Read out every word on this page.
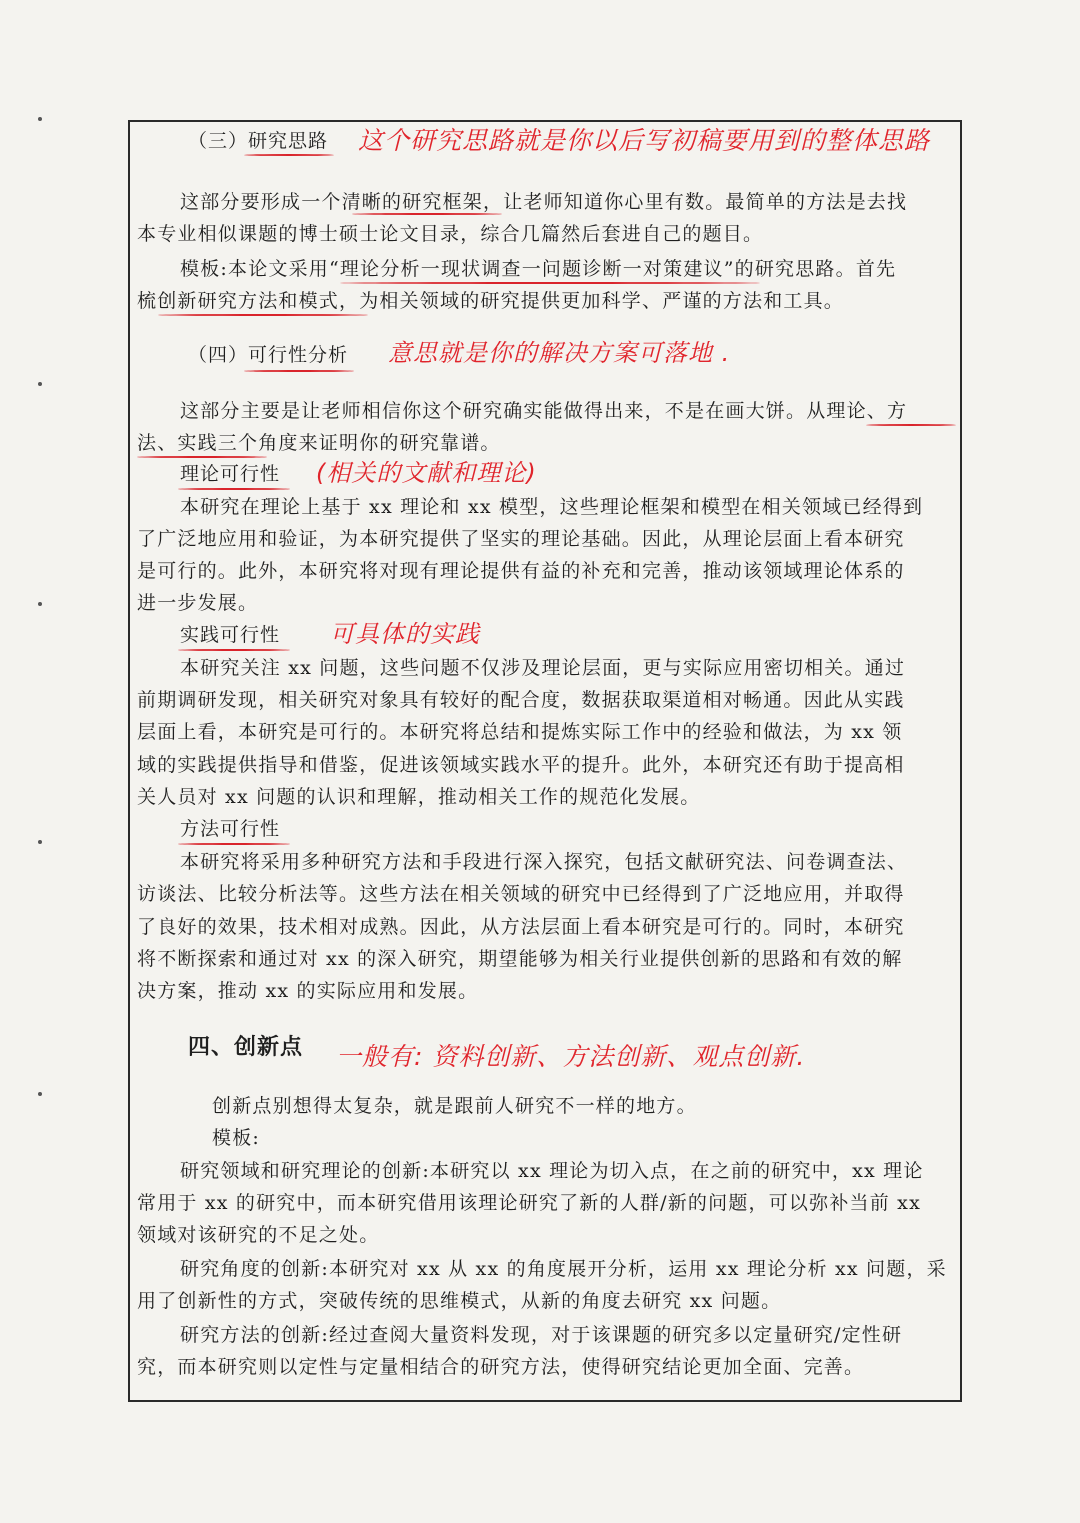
（三）研究思路 这个研究思路就是你以后写初稿要用到的整体思路
这部分要形成一个清晰的研究框架，让老师知道你心里有数。最简单的方法是去找
本专业相似课题的博士硕士论文目录，综合几篇然后套进自己的题目。
模板:本论文采用“理论分析一现状调查一问题诊断一对策建议”的研究思路。首先
梳创新研究方法和模式，为相关领域的研究提供更加科学、严谨的方法和工具。
（四）可行性分析 意思就是你的解决方案可落地 .
这部分主要是让老师相信你这个研究确实能做得出来，不是在画大饼。从理论、方
法、实践三个角度来证明你的研究靠谱。
理论可行性 (相关的文献和理论)
本研究在理论上基于 xx 理论和 xx 模型，这些理论框架和模型在相关领域已经得到
了广泛地应用和验证，为本研究提供了坚实的理论基础。因此，从理论层面上看本研究
是可行的。此外，本研究将对现有理论提供有益的补充和完善，推动该领域理论体系的
进一步发展。
实践可行性 可具体的实践
本研究关注 xx 问题，这些问题不仅涉及理论层面，更与实际应用密切相关。通过
前期调研发现，相关研究对象具有较好的配合度，数据获取渠道相对畅通。因此从实践
层面上看，本研究是可行的。本研究将总结和提炼实际工作中的经验和做法，为 xx 领
域的实践提供指导和借鉴，促进该领域实践水平的提升。此外，本研究还有助于提高相
关人员对 xx 问题的认识和理解，推动相关工作的规范化发展。
方法可行性
本研究将采用多种研究方法和手段进行深入探究，包括文献研究法、问卷调查法、
访谈法、比较分析法等。这些方法在相关领域的研究中已经得到了广泛地应用，并取得
了良好的效果，技术相对成熟。因此，从方法层面上看本研究是可行的。同时，本研究
将不断探索和通过对 xx 的深入研究，期望能够为相关行业提供创新的思路和有效的解
决方案，推动 xx 的实际应用和发展。
四、创新点 一般有: 资料创新、方法创新、观点创新.
创新点别想得太复杂，就是跟前人研究不一样的地方。
模板:
研究领域和研究理论的创新:本研究以 xx 理论为切入点，在之前的研究中，xx 理论
常用于 xx 的研究中，而本研究借用该理论研究了新的人群/新的问题，可以弥补当前 xx
领域对该研究的不足之处。
研究角度的创新:本研究对 xx 从 xx 的角度展开分析，运用 xx 理论分析 xx 问题，采
用了创新性的方式，突破传统的思维模式，从新的角度去研究 xx 问题。
研究方法的创新:经过查阅大量资料发现，对于该课题的研究多以定量研究/定性研
究，而本研究则以定性与定量相结合的研究方法，使得研究结论更加全面、完善。
